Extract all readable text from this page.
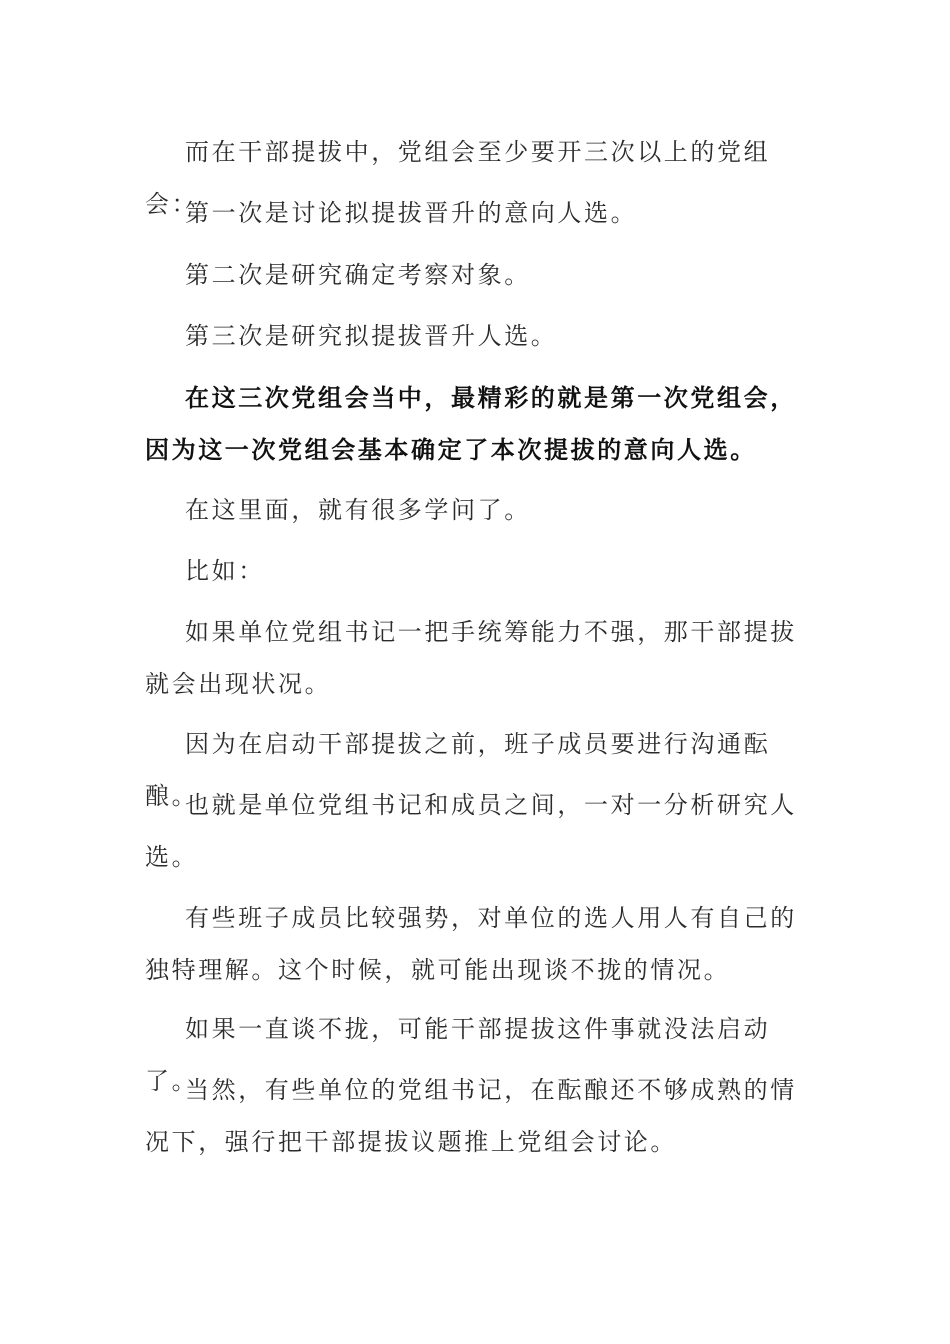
而在干部提拔中，党组会至少要开三次以上的党组会：

第一次是讨论拟提拔晋升的意向人选。

第二次是研究确定考察对象。

第三次是研究拟提拔晋升人选。

在这三次党组会当中，最精彩的就是第一次党组会，因为这一次党组会基本确定了本次提拔的意向人选。

在这里面，就有很多学问了。

比如：

如果单位党组书记一把手统筹能力不强，那干部提拔就会出现状况。

因为在启动干部提拔之前，班子成员要进行沟通酝酿。

也就是单位党组书记和成员之间，一对一分析研究人选。

有些班子成员比较强势，对单位的选人用人有自己的独特理解。这个时候，就可能出现谈不拢的情况。

如果一直谈不拢，可能干部提拔这件事就没法启动了。

当然，有些单位的党组书记，在酝酿还不够成熟的情况下，强行把干部提拔议题推上党组会讨论。
